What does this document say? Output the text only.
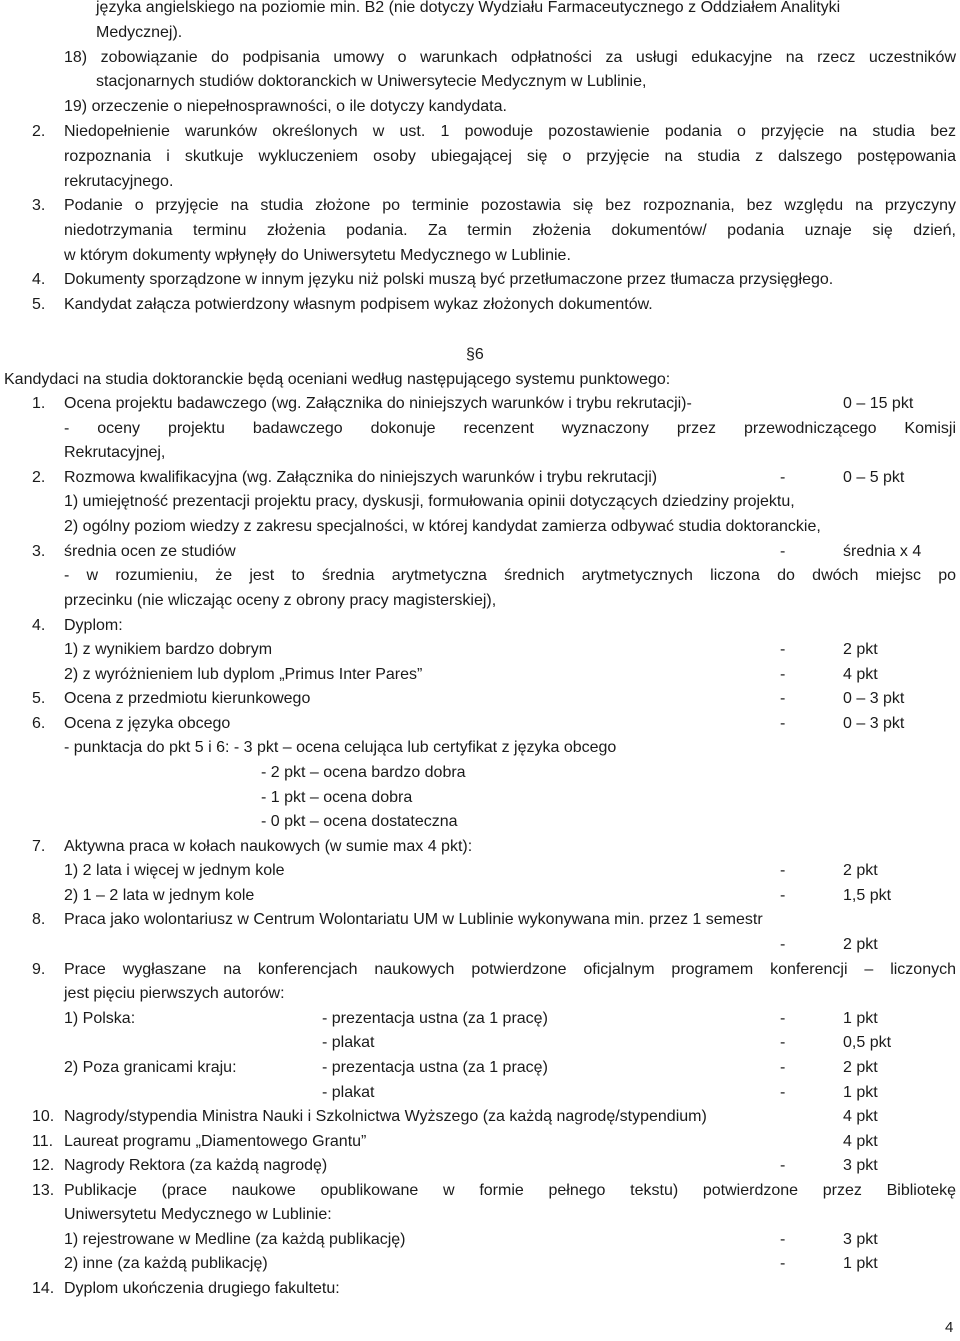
języka angielskiego na poziomie min. B2 (nie dotyczy Wydziału Farmaceutycznego z Oddziałem Analityki
Medycznej).
18) zobowiązanie do podpisania umowy o warunkach odpłatności za usługi edukacyjne na rzecz uczestników
stacjonarnych studiów doktoranckich w Uniwersytecie Medycznym w Lublinie,
19) orzeczenie o niepełnosprawności, o ile dotyczy kandydata.
2. Niedopełnienie warunków określonych w ust. 1 powoduje pozostawienie podania o przyjęcie na studia bez
rozpoznania i skutkuje wykluczeniem osoby ubiegającej się o przyjęcie na studia z dalszego postępowania
rekrutacyjnego.
3. Podanie o przyjęcie na studia złożone po terminie pozostawia się bez rozpoznania, bez względu na przyczyny
niedotrzymania terminu złożenia podania. Za termin złożenia dokumentów/ podania uznaje się dzień,
w którym dokumenty wpłynęły do Uniwersytetu Medycznego w Lublinie.
4. Dokumenty sporządzone w innym języku niż polski muszą być przetłumaczone przez tłumacza przysięgłego.
5. Kandydat załącza potwierdzony własnym podpisem wykaz złożonych dokumentów.
§6
Kandydaci na studia doktoranckie będą oceniani według następującego systemu punktowego:
1. Ocena projektu badawczego (wg. Załącznika do niniejszych warunków i trybu rekrutacji)-	0 – 15 pkt
- oceny projektu badawczego dokonuje recenzent wyznaczony przez przewodniczącego Komisji
Rekrutacyjnej,
2. Rozmowa kwalifikacyjna (wg. Załącznika do niniejszych warunków i trybu rekrutacji)	-	0 – 5 pkt
1) umiejętność prezentacji projektu pracy, dyskusji, formułowania opinii dotyczących dziedziny projektu,
2) ogólny poziom wiedzy z zakresu specjalności, w której kandydat zamierza odbywać studia doktoranckie,
3. średnia ocen ze studiów	-	średnia x 4
- w rozumieniu, że jest to średnia arytmetyczna średnich arytmetycznych liczona do dwóch miejsc po
przecinku (nie wliczając oceny z obrony pracy magisterskiej),
4. Dyplom:
1) z wynikiem bardzo dobrym	-	2 pkt
2) z wyróżnieniem lub dyplom „Primus Inter Pares”	-	4 pkt
5. Ocena z przedmiotu kierunkowego	-	0 – 3 pkt
6. Ocena z języka obcego	-	0 – 3 pkt
- punktacja do pkt 5 i 6: - 3 pkt – ocena celująca lub certyfikat z języka obcego
- 2 pkt – ocena bardzo dobra
- 1 pkt – ocena dobra
- 0 pkt – ocena dostateczna
7. Aktywna praca w kołach naukowych (w sumie max 4 pkt):
1) 2 lata i więcej w jednym kole	-	2 pkt
2) 1 – 2 lata w jednym kole	-	1,5 pkt
8. Praca jako wolontariusz w Centrum Wolontariatu UM w Lublinie wykonywana min. przez 1 semestr
-	2 pkt
9. Prace wygłaszane na konferencjach naukowych potwierdzone oficjalnym programem konferencji – liczonych
jest pięciu pierwszych autorów:
1) Polska:	- prezentacja ustna (za 1 pracę)	-	1 pkt
- plakat	-	0,5 pkt
2) Poza granicami kraju:	- prezentacja ustna (za 1 pracę)	-	2 pkt
- plakat	-	1 pkt
10. Nagrody/stypendia Ministra Nauki i Szkolnictwa Wyższego (za każdą nagrodę/stypendium)	4 pkt
11. Laureat programu „Diamentowego Grantu”	4 pkt
12. Nagrody Rektora (za każdą nagrodę)	-	3 pkt
13. Publikacje (prace naukowe opublikowane w formie pełnego tekstu) potwierdzone przez Bibliotekę
Uniwersytetu Medycznego w Lublinie:
1) rejestrowane w Medline (za każdą publikację)	-	3 pkt
2) inne (za każdą publikację)	-	1 pkt
14. Dyplom ukończenia drugiego fakultetu:
4
